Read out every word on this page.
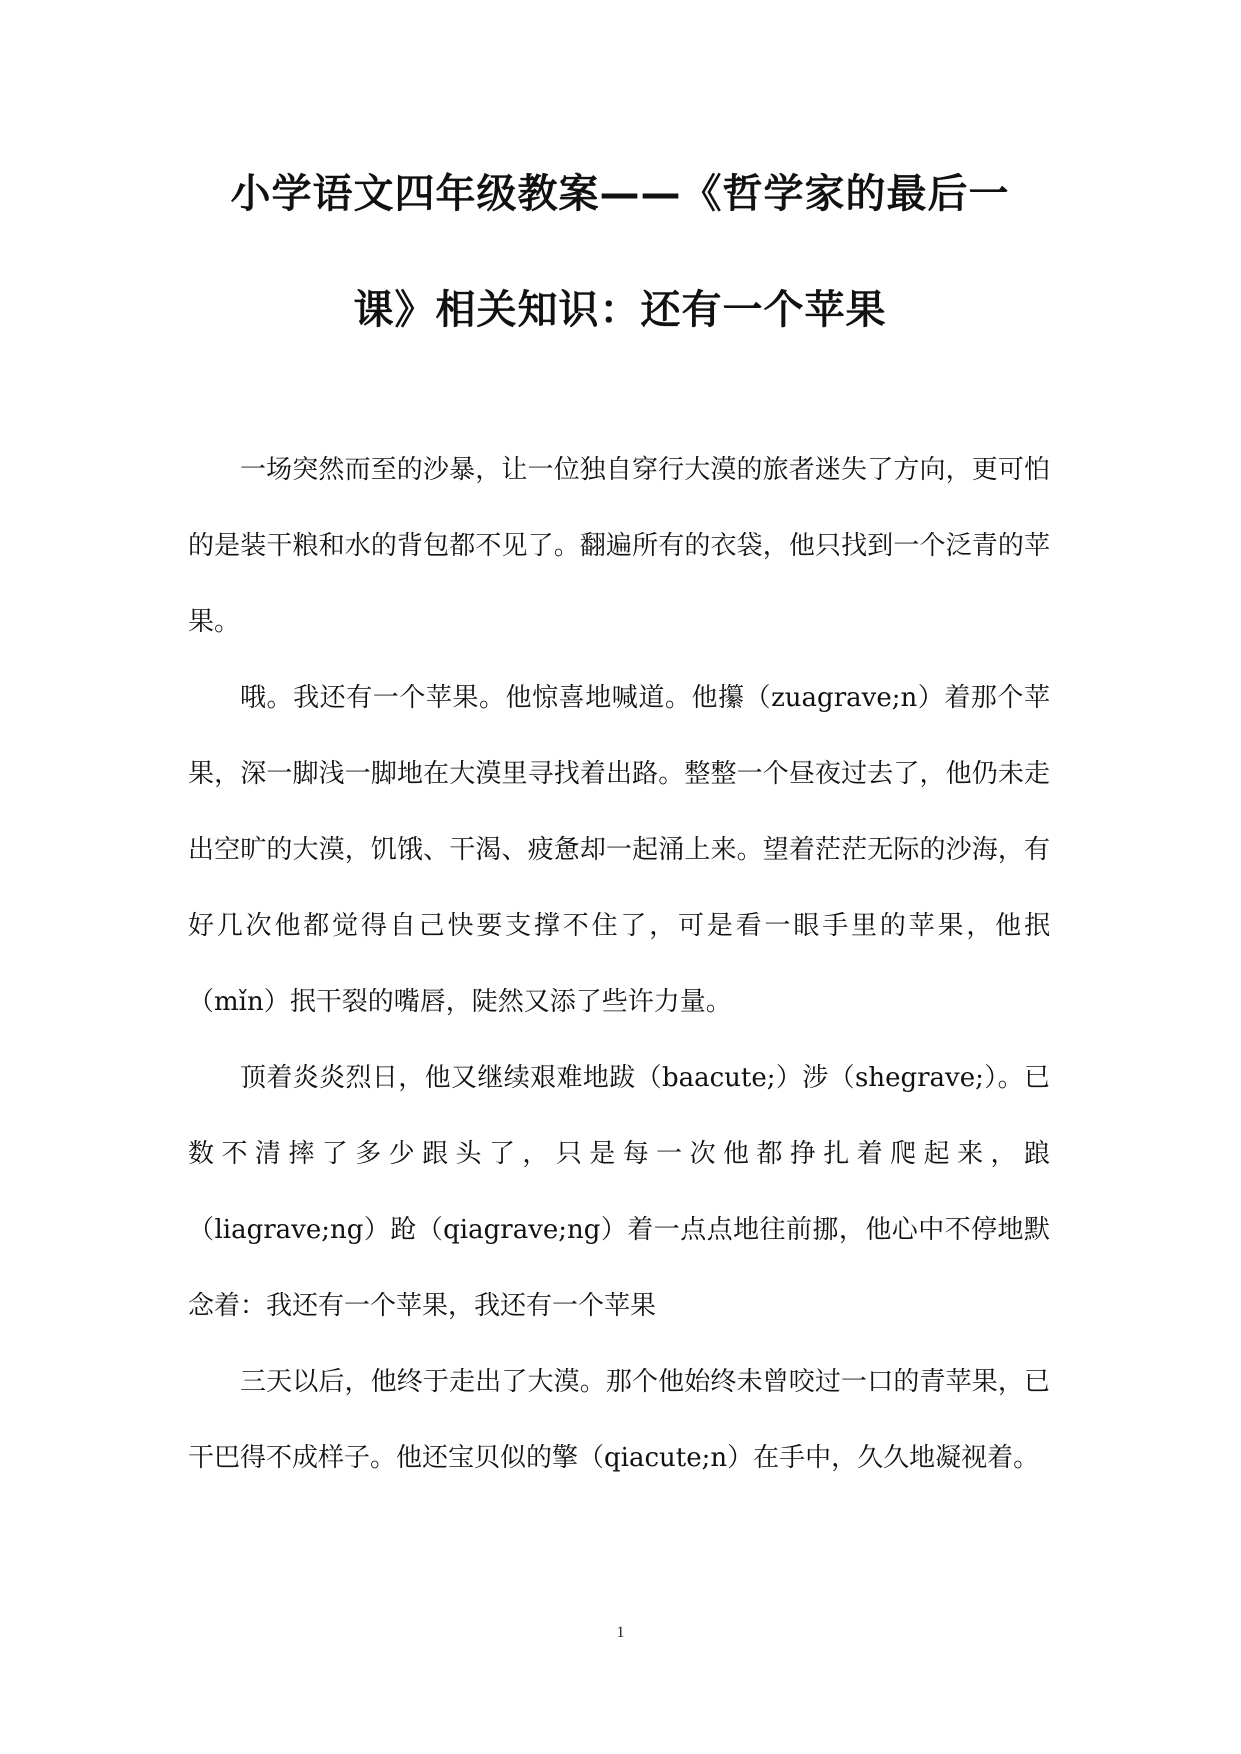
小学语文四年级教案——《哲学家的最后一
课》相关知识：还有一个苹果

一场突然而至的沙暴，让一位独自穿行大漠的旅者迷失了方向，更可怕的是装干粮和水的背包都不见了。翻遍所有的衣袋，他只找到一个泛青的苹果。

哦。我还有一个苹果。他惊喜地喊道。他攥（zuagrave;n）着那个苹果，深一脚浅一脚地在大漠里寻找着出路。整整一个昼夜过去了，他仍未走出空旷的大漠，饥饿、干渴、疲惫却一起涌上来。望着茫茫无际的沙海，有好几次他都觉得自己快要支撑不住了，可是看一眼手里的苹果，他抿（mǐn）抿干裂的嘴唇，陡然又添了些许力量。

顶着炎炎烈日，他又继续艰难地跋（baacute;）涉（shegrave;）。已数不清摔了多少跟头了，只是每一次他都挣扎着爬起来，踉（liagrave;ng）跄（qiagrave;ng）着一点点地往前挪，他心中不停地默念着：我还有一个苹果，我还有一个苹果

三天以后，他终于走出了大漠。那个他始终未曾咬过一口的青苹果，已干巴得不成样子。他还宝贝似的擎（qiacute;n）在手中，久久地凝视着。

1
